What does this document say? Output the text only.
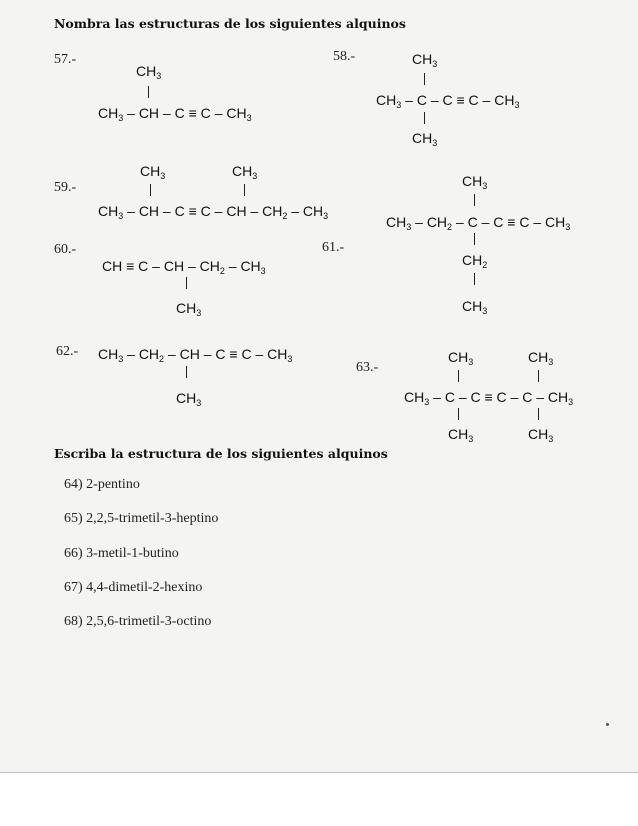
Nombra las estructuras de los siguientes alquinos
57.-
$CH_3$
$CH_3$ – CH – $C \equiv C - CH_3$
58.-	$CH_3$
$CH_3 - C - C \equiv C - CH_3$
$CH_3$
59.-
$CH_3$	$CH_3$
$CH_3$ – CH – C ≡ C – CH – $CH_2 - CH_3$
$CH_3$
$CH_3 - CH_2 - C - C \equiv C - CH_3$
61.-
$CH_2$
$CH_3$
60.-
CH ≡ C – CH – $CH_2 - CH_3$
$CH_3$
62.- $CH_3 - CH_2$ – CH – $C \equiv C - CH_3$
$CH_3$
63.-
$CH_3$	$CH_3$
$CH_3 - C - C \equiv C - C - CH_3$
$CH_3$	$CH_3$
Escriba la estructura de los siguientes alquinos
64) 2-pentino
65) 2,2,5-trimetil-3-heptino
66) 3-metil-1-butino
67) 4,4-dimetil-2-hexino
68) 2,5,6-trimetil-3-octino
